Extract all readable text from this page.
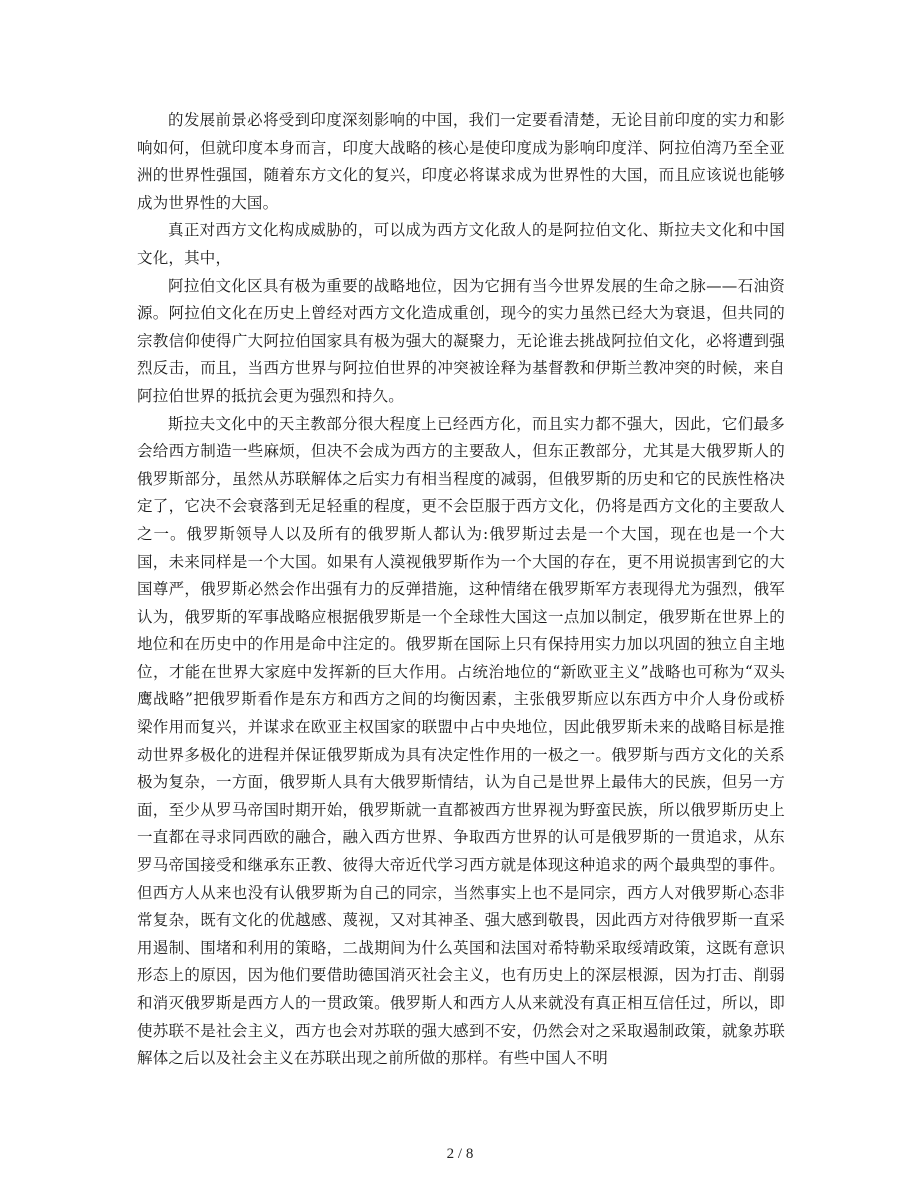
的发展前景必将受到印度深刻影响的中国，我们一定要看清楚，无论目前印度的实力和影响如何，但就印度本身而言，印度大战略的核心是使印度成为影响印度洋、阿拉伯湾乃至全亚洲的世界性强国，随着东方文化的复兴，印度必将谋求成为世界性的大国，而且应该说也能够成为世界性的大国。

真正对西方文化构成威胁的，可以成为西方文化敌人的是阿拉伯文化、斯拉夫文化和中国文化，其中，

阿拉伯文化区具有极为重要的战略地位，因为它拥有当今世界发展的生命之脉——石油资源。阿拉伯文化在历史上曾经对西方文化造成重创，现今的实力虽然已经大为衰退，但共同的宗教信仰使得广大阿拉伯国家具有极为强大的凝聚力，无论谁去挑战阿拉伯文化，必将遭到强烈反击，而且，当西方世界与阿拉伯世界的冲突被诠释为基督教和伊斯兰教冲突的时候，来自阿拉伯世界的抵抗会更为强烈和持久。

斯拉夫文化中的天主教部分很大程度上已经西方化，而且实力都不强大，因此，它们最多会给西方制造一些麻烦，但决不会成为西方的主要敌人，但东正教部分，尤其是大俄罗斯人的俄罗斯部分，虽然从苏联解体之后实力有相当程度的减弱，但俄罗斯的历史和它的民族性格决定了，它决不会衰落到无足轻重的程度，更不会臣服于西方文化，仍将是西方文化的主要敌人之一。俄罗斯领导人以及所有的俄罗斯人都认为:俄罗斯过去是一个大国，现在也是一个大国，未来同样是一个大国。如果有人漠视俄罗斯作为一个大国的存在，更不用说损害到它的大国尊严，俄罗斯必然会作出强有力的反弹措施，这种情绪在俄罗斯军方表现得尤为强烈，俄军认为，俄罗斯的军事战略应根据俄罗斯是一个全球性大国这一点加以制定，俄罗斯在世界上的地位和在历史中的作用是命中注定的。俄罗斯在国际上只有保持用实力加以巩固的独立自主地位，才能在世界大家庭中发挥新的巨大作用。占统治地位的“新欧亚主义”战略也可称为“双头鹰战略”把俄罗斯看作是东方和西方之间的均衡因素，主张俄罗斯应以东西方中介人身份或桥梁作用而复兴，并谋求在欧亚主权国家的联盟中占中央地位，因此俄罗斯未来的战略目标是推动世界多极化的进程并保证俄罗斯成为具有决定性作用的一极之一。俄罗斯与西方文化的关系极为复杂，一方面，俄罗斯人具有大俄罗斯情结，认为自己是世界上最伟大的民族，但另一方面，至少从罗马帝国时期开始，俄罗斯就一直都被西方世界视为野蛮民族，所以俄罗斯历史上一直都在寻求同西欧的融合，融入西方世界、争取西方世界的认可是俄罗斯的一贯追求，从东罗马帝国接受和继承东正教、彼得大帝近代学习西方就是体现这种追求的两个最典型的事件。但西方人从来也没有认俄罗斯为自己的同宗，当然事实上也不是同宗，西方人对俄罗斯心态非常复杂，既有文化的优越感、蔑视，又对其神圣、强大感到敬畏，因此西方对待俄罗斯一直采用遏制、围堵和利用的策略，二战期间为什么英国和法国对希特勒采取绥靖政策，这既有意识形态上的原因，因为他们要借助德国消灭社会主义，也有历史上的深层根源，因为打击、削弱和消灭俄罗斯是西方人的一贯政策。俄罗斯人和西方人从来就没有真正相互信任过，所以，即使苏联不是社会主义，西方也会对苏联的强大感到不安，仍然会对之采取遏制政策，就象苏联解体之后以及社会主义在苏联出现之前所做的那样。有些中国人不明

2 / 8
